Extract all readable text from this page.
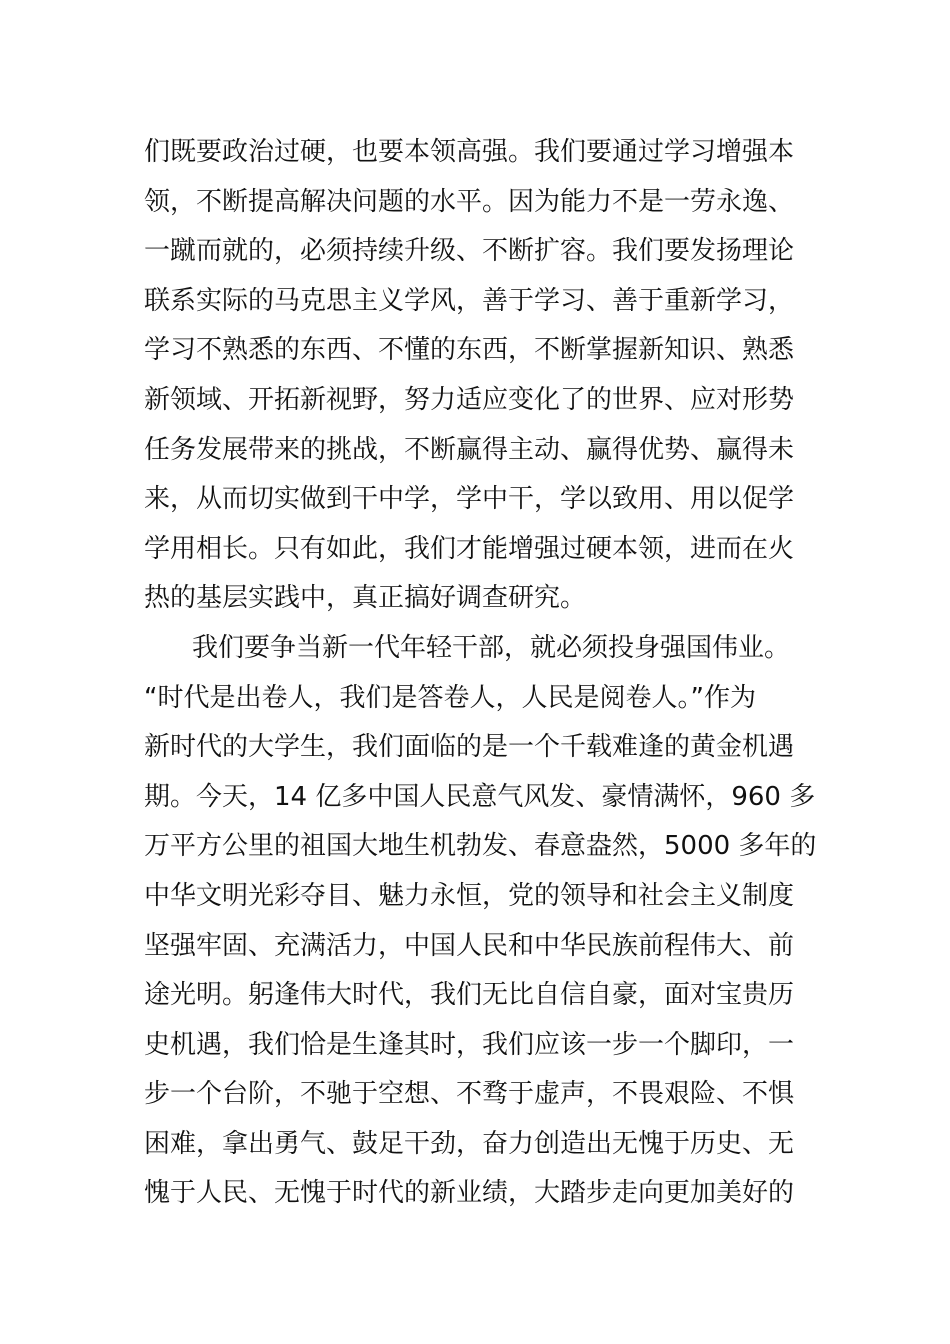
们既要政治过硬，也要本领高强。我们要通过学习增强本
领，不断提高解决问题的水平。因为能力不是一劳永逸、
一蹴而就的，必须持续升级、不断扩容。我们要发扬理论
联系实际的马克思主义学风，善于学习、善于重新学习，
学习不熟悉的东西、不懂的东西，不断掌握新知识、熟悉
新领域、开拓新视野，努力适应变化了的世界、应对形势
任务发展带来的挑战，不断赢得主动、赢得优势、赢得未
来，从而切实做到干中学，学中干，学以致用、用以促学
学用相长。只有如此，我们才能增强过硬本领，进而在火
热的基层实践中，真正搞好调查研究。
我们要争当新一代年轻干部，就必须投身强国伟业。
“时代是出卷人，我们是答卷人，人民是阅卷人。”作为
新时代的大学生，我们面临的是一个千载难逢的黄金机遇
期。今天，14 亿多中国人民意气风发、豪情满怀，960 多
万平方公里的祖国大地生机勃发、春意盎然，5000 多年的
中华文明光彩夺目、魅力永恒，党的领导和社会主义制度
坚强牢固、充满活力，中国人民和中华民族前程伟大、前
途光明。躬逢伟大时代，我们无比自信自豪，面对宝贵历
史机遇，我们恰是生逢其时，我们应该一步一个脚印，一
步一个台阶，不驰于空想、不骛于虚声，不畏艰险、不惧
困难，拿出勇气、鼓足干劲，奋力创造出无愧于历史、无
愧于人民、无愧于时代的新业绩，大踏步走向更加美好的
